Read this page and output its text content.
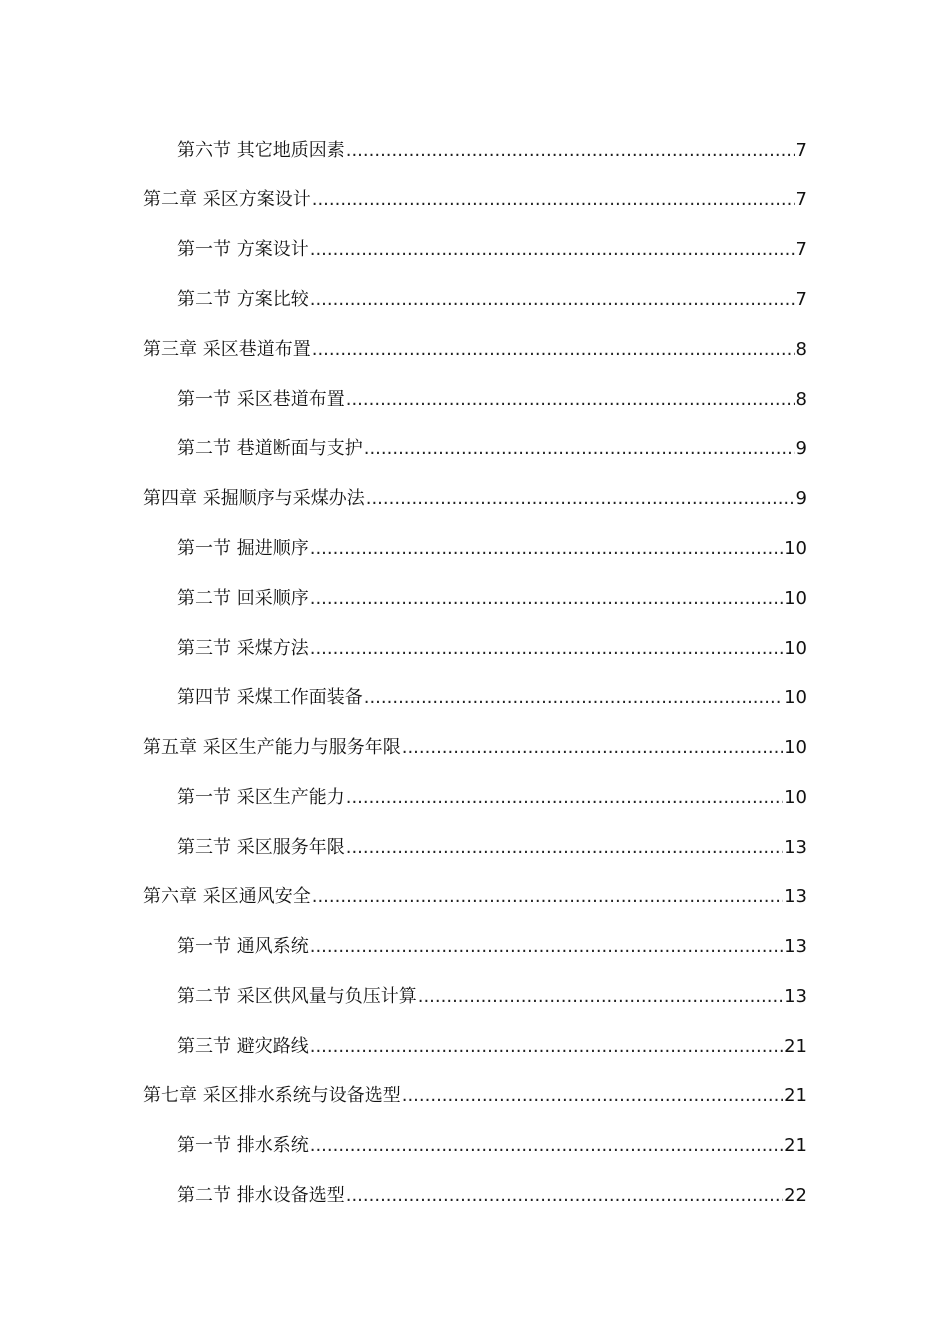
第六节 其它地质因素 .....	7
第二章 采区方案设计 .....	7
第一节 方案设计 .....	7
第二节 方案比较 .....	7
第三章 采区巷道布置 .....	8
第一节 采区巷道布置 .....	8
第二节 巷道断面与支护 .....	9
第四章 采掘顺序与采煤办法 .....	9
第一节 掘进顺序 .....	10
第二节 回采顺序 .....	10
第三节 采煤方法 .....	10
第四节 采煤工作面装备 .....	10
第五章 采区生产能力与服务年限 .....	10
第一节 采区生产能力 .....	10
第三节 采区服务年限 .....	13
第六章 采区通风安全 .....	13
第一节 通风系统 .....	13
第二节 采区供风量与负压计算 .....	13
第三节 避灾路线 .....	21
第七章 采区排水系统与设备选型 .....	21
第一节 排水系统 .....	21
第二节 排水设备选型 .....	22
